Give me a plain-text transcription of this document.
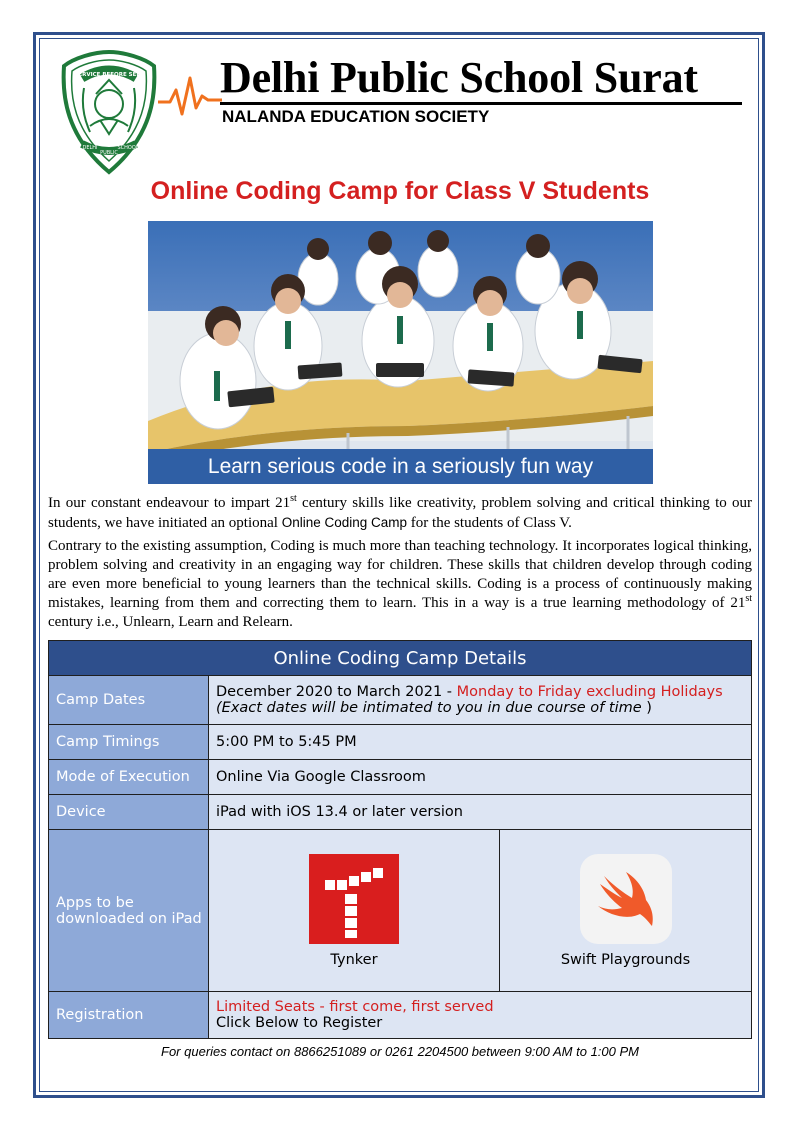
SERVICE BEFORE SELF
DELHI
PUBLIC
SCHOOL
Delhi Public School Surat
NALANDA EDUCATION SOCIETY
Online Coding Camp for Class V Students
Learn serious code in a seriously fun way
In our constant endeavour to impart 21st century skills like creativity, problem solving and critical thinking to our students, we have initiated an optional Online Coding Camp for the students of Class V.
Contrary to the existing assumption, Coding is much more than teaching technology. It incorporates logical thinking, problem solving and creativity in an engaging way for children. These skills that children develop through coding are even more beneficial to young learners than the technical skills. Coding is a process of continuously making mistakes, learning from them and correcting them to learn. This in a way is a true learning methodology of 21st century i.e., Unlearn, Learn and Relearn.
Online Coding Camp Details		
Camp Dates	December 2020 to March 2021 - Monday to Friday excluding Holidays
(Exact dates will be intimated to you in due course of time )	

Camp Timings	5:00 PM to 5:45 PM	
Mode of Execution	Online Via Google Classroom	
Device	iPad with iOS 13.4 or later version	
Apps to be downloaded on iPad	Tynker	Swift Playgrounds

Registration	Limited Seats - first come, first served
Click Below to Register	
For queries contact on 8866251089 or 0261 2204500 between 9:00 AM to 1:00 PM
